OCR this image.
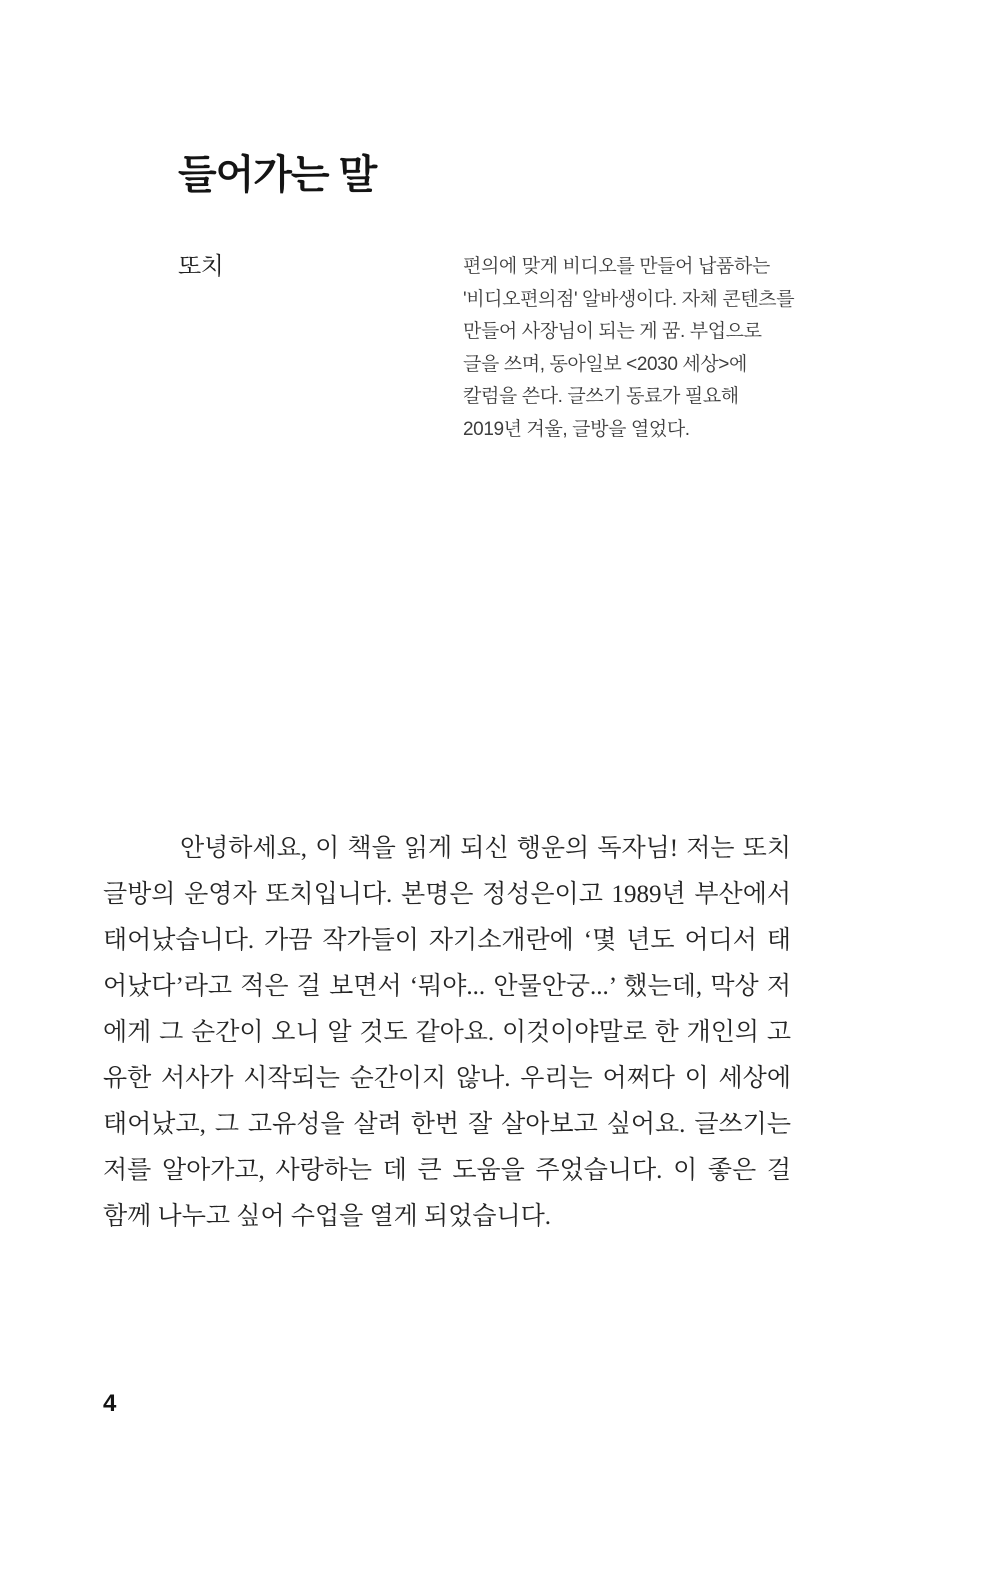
들어가는 말
또치	편의에 맞게 비디오를 만들어 납품하는
'비디오편의점' 알바생이다. 자체 콘텐츠를
만들어 사장님이 되는 게 꿈. 부업으로
글을 쓰며, 동아일보 <2030 세상>에
칼럼을 쓴다. 글쓰기 동료가 필요해
2019년 겨울, 글방을 열었다.
안녕하세요, 이 책을 읽게 되신 행운의 독자님! 저는 또치
글방의 운영자 또치입니다. 본명은 정성은이고 1989년 부산에서
태어났습니다. 가끔 작가들이 자기소개란에 ‘몇 년도 어디서 태
어났다’라고 적은 걸 보면서 ‘뭐야... 안물안궁...’ 했는데, 막상 저
에게 그 순간이 오니 알 것도 같아요. 이것이야말로 한 개인의 고
유한 서사가 시작되는 순간이지 않나. 우리는 어쩌다 이 세상에
태어났고, 그 고유성을 살려 한번 잘 살아보고 싶어요. 글쓰기는
저를 알아가고, 사랑하는 데 큰 도움을 주었습니다. 이 좋은 걸
함께 나누고 싶어 수업을 열게 되었습니다.
4
